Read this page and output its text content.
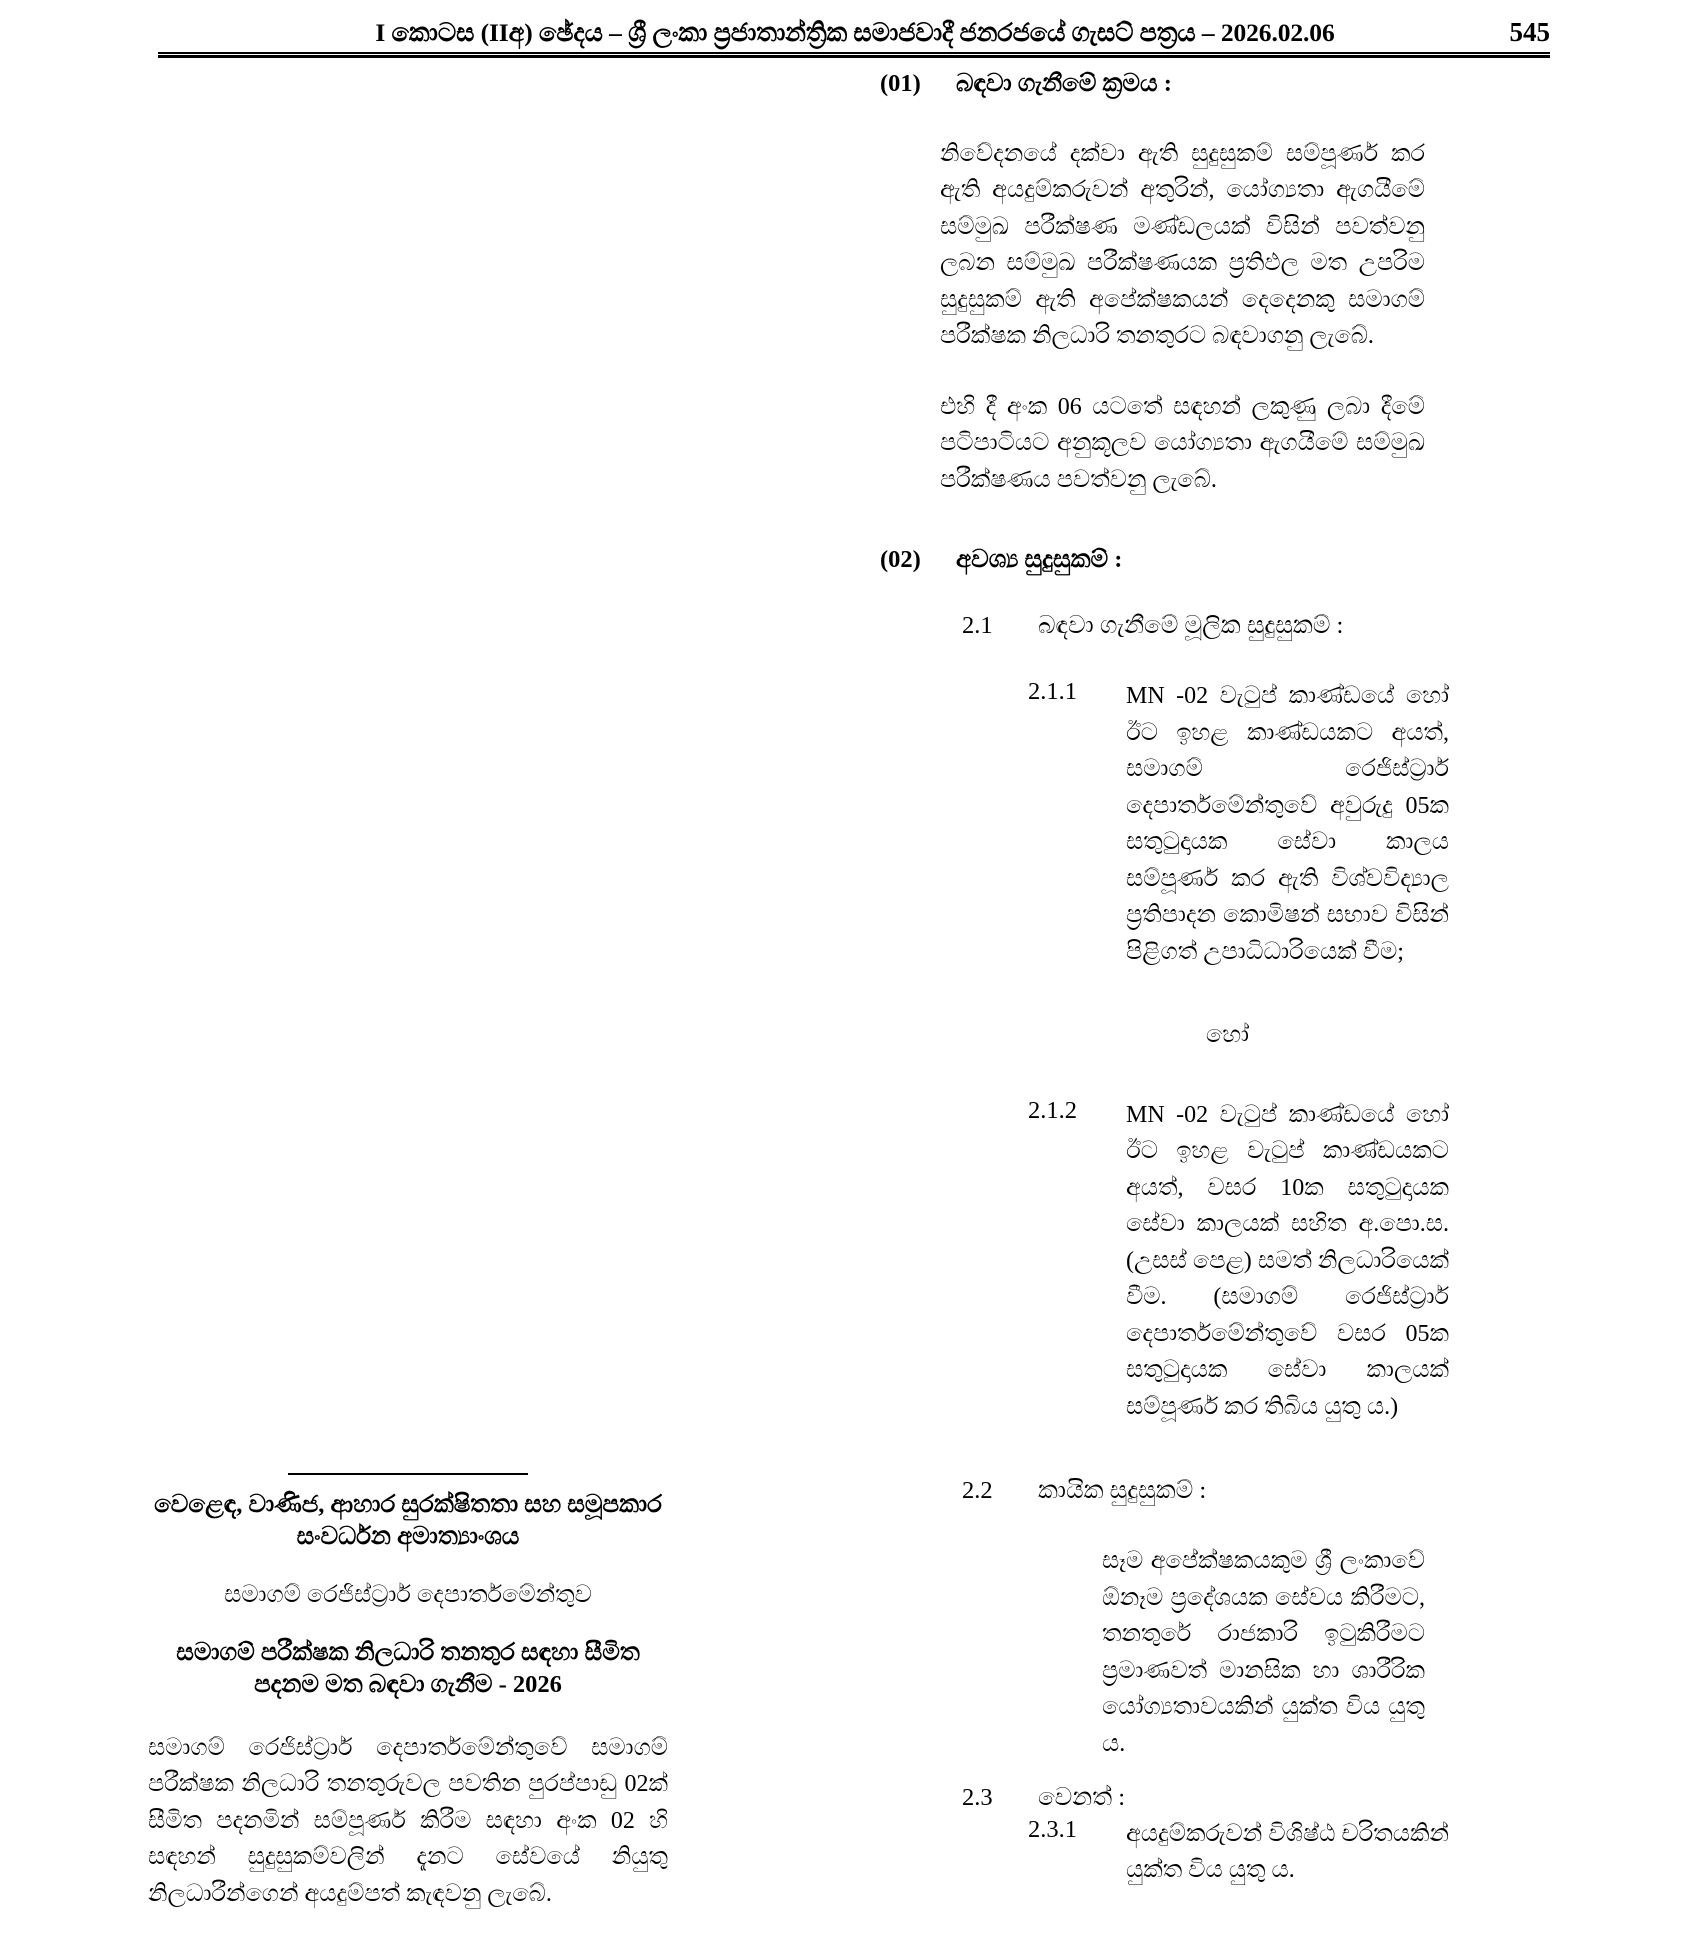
I කොටස (IIඅ) ඡේදය – ශ්‍රී ලංකා ප්‍රජාතාන්ත්‍රික සමාජවාදී ජනරජයේ ගැසට් පත්‍රය – 2026.02.06	545
වෙළෙඳ, වාණිජ, ආහාර සුරක්ෂිතතා සහ සමූපකාර සංවර්ධන අමාත්‍යාංශය
සමාගම් රෙජිස්ට්‍රාර් දෙපාර්තමේන්තුව
සමාගම් පරීක්ෂක නිලධාරි තනතුර සඳහා සීමිත පදනම මත බඳවා ගැනීම - 2026
සමාගම් රෙජිස්ට්‍රාර් දෙපාර්තමේන්තුවේ සමාගම් පරීක්ෂක නිලධාරි තනතුරුවල පවතින පුරප්පාඩු 02ක් සීමිත පදනමින් සම්පූර්ණ කිරීම සඳහා අංක 02 හි සඳහන් සුදුසුකම්වලින් දැනට සේවයේ නියුතු නිලධාරීන්ගෙන් අයදුම්පත් කැඳවනු ලැබේ.
(01)	බඳවා ගැනීමේ ක්‍රමය :
නිවේදනයේ දක්වා ඇති සුදුසුකම් සම්පූර්ණ කර ඇති අයදුම්කරුවන් අතුරින්, යෝග්‍යතා ඇගයීමේ සම්මුඛ පරීක්ෂණ මණ්ඩලයක් විසින් පවත්වනු ලබන සම්මුඛ පරීක්ෂණයක ප්‍රතිඵල මත උපරිම සුදුසුකම් ඇති අපේක්ෂකයන් දෙදෙනකු සමාගම් පරීක්ෂක නිලධාරි තනතුරට බඳවාගනු ලැබේ.
එහි දී අංක 06 යටතේ සඳහන් ලකුණු ලබා දීමේ පටිපාටියට අනුකූලව යෝග්‍යතා ඇගයීමේ සම්මුඛ පරීක්ෂණය පවත්වනු ලැබේ.
(02)	අවශ්‍ය සුදුසුකම් :
2.1	බඳවා ගැනීමේ මූලික සුදුසුකම් :
2.1.1	MN -02 වැටුප් කාණ්ඩයේ හෝ ඊට ඉහළ කාණ්ඩයකට අයත්, සමාගම් රෙජිස්ට්‍රාර් දෙපාර්තමේන්තුවේ අවුරුදු 05ක සතුටුදායක සේවා කාලය සම්පූර්ණ කර ඇති විශ්වවිද්‍යාල ප්‍රතිපාදන කොමිෂන් සභාව විසින් පිළිගත් උපාධිධාරියෙක් වීම;
හෝ
2.1.2	MN -02 වැටුප් කාණ්ඩයේ හෝ ඊට ඉහළ වැටුප් කාණ්ඩයකට අයත්, වසර 10ක සතුටුදායක සේවා කාලයක් සහිත අ.පො.ස. (උසස් පෙළ) සමත් නිලධාරියෙක් වීම. (සමාගම් රෙජිස්ට්‍රාර් දෙපාර්තමේන්තුවේ වසර 05ක සතුටුදායක සේවා කාලයක් සම්පූර්ණ කර තිබිය යුතු ය.)
2.2	කායික සුදුසුකම් :
සෑම අපේක්ෂකයකුම ශ්‍රී ලංකාවේ ඕනෑම ප්‍රදේශයක සේවය කිරීමට, තනතුරේ රාජකාරි ඉටුකිරීමට ප්‍රමාණවත් මානසික හා ශාරීරික යෝග්‍යතාවයකින් යුක්ත විය යුතු ය.
2.3	වෙනත් :
2.3.1	අයදුම්කරුවන් විශිෂ්ඨ චරිතයකින් යුක්ත විය යුතු ය.
